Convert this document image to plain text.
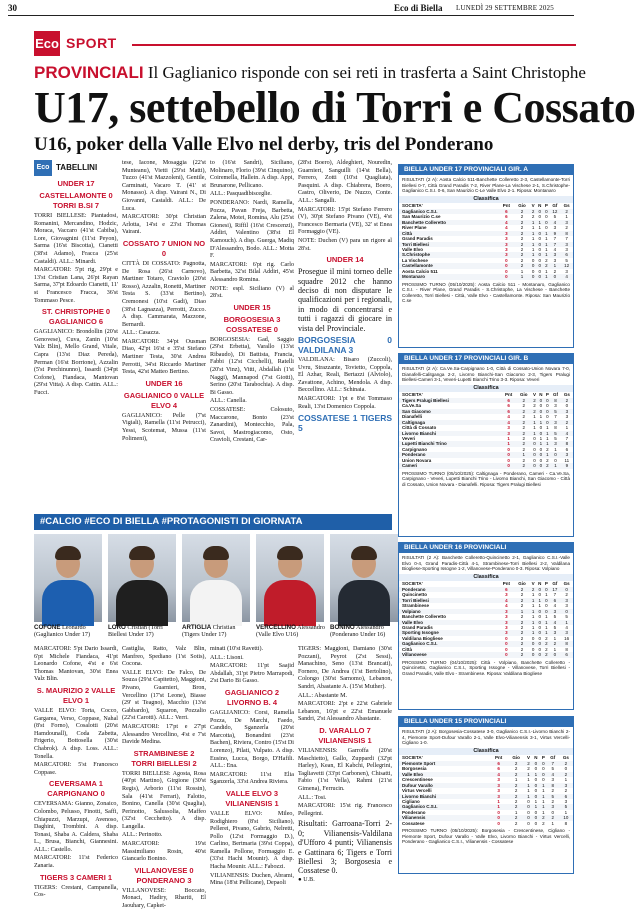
30	Eco di Biella LUNEDÌ 29 SETTEMBRE 2025
Eco SPORT
PROVINCIALI Il Gaglianico risponde con sei reti in trasferta a Saint Christophe
U17, settebello di Torri e Cossato
U16, poker della Valle Elvo nel derby, tris del Ponderano
Eco TABELLINI
UNDER 17
CASTELLAMONTE 0 TORRI B.SI 7

TORRI BIELLESE: Piantadosi, Romanini, Mercandino, Hodzic, Moraca, Vaccaro (41'st Cabiba), Lore, Giovagnini (11'st Peyon), Sarma (16'st Biscotta), Cianetti (38'st Adamo), Fracca (25'st Castaldi). ALL.: Minardi.

MARCATORI: 5'pt rig, 29'pt e 13'st Cristian Lana, 26'pt Rayan Sarma, 37'pt Edoardo Cianetti, 11' st Francesco Fracca, 36'st Tommaso Pesce.

ST. CHRISTOPHE 0 GAGLIANICO 6

GAGLIANICO: Brondollin (20'st Genovese), Cuva, Zanin (10'st Valz Blin), Mello Grand, Vitale, Capra (13'st Diaz Pereda), Perman (16'st Borrione), Azzalin (5'st Perchinunno), Issardi (34'pt Cofone), Fiandaca, Mantovan (29'st Vitta). A disp. Cattin. ALL.: Fucci.

tese, Iacone, Mosaggia (22'st Munteanu), Vietti (29'st Matti), Tuzzo (41'st Mazzoleni), Gentile, Carminati, Vacaro T. (41' st Monasso). A disp. Vairani N., Di Giovanni, Castaldi. ALL.: De Luca.

MARCATORI: 30'pt Christian Arlotta, 14'st e 23'st Thomas Vairani.

COSSATO 7 UNION NO 0

CITTÀ DI COSSATO: Pagnotta, De Rosa (26'st Carnovo), Martiner Totaro, Craviolo (20'st Rosso), Azzalin, Ronetti, Martiner Testa S. (33'st Bertino), Cremonesi (10'st Gadi), Diao (38'st Lagnazza), Perrotti, Zucco. A disp. Cammarata, Mazzone, Bernardi.

ALL.: Casazza.

MARCATORI: 34'pt Ousman Diao, 42'pt 16'st e 35'st Stefano Martiner Testa, 30'st Andrea Perrotti, 34'st Riccardo Martiner Testa, 42'st Matteo Bertino.

UNDER 16
GAGLIANICO 0 VALLE ELVO 4

GAGLIANICO: Pelle (7'st Vigiali), Ramella (11'st Petrucci), Yessi, Scotemat, Mussa (11'st Polimeni),

to (16'st Sandri), Siciliano, Molinaro, Florio (39'st Cinquino), Coiremella, Hallein. A disp. Appi, Brunarone, Pellicano.

ALL.: Pasquadibisceglie.

PONDERANO: Nardi, Ramella, Pozza, Pavan Freja, Barbetta, Zalena, Motei, Romina, Alu (25'st Gionesi), Riffil (16'st Crescenzi), Addiri, Valentino (38'st El Kamouch). A disp. Guerga, Madiq D'Alessandro, Bodo. ALL.: Motta F.

MARCATORI: 6'pt rig. Carlo Barbetta, 32'st Bilal Addiri, 45'st Alessandro Romina.

NOTE: espl. Siciliano (V) al 28'st.

UNDER 15
BORGOSESIA 3 COSSATESE 0

BORGOSESIA: Gad, Saggio (29'st Erbetta), Varallo (13'st Ribaudo), Di Battista, Francia, Fabbi (12'st Cicchelli), Ratelli (20'st Vinz), Vitti, Abdallah (1'st Naggi), Mannapod (7'st Giotti), Serino (20'st Tarabochia). A disp. Bi Gasso.

ALL.: Canella.

COSSATESE: Colosuto, Maccarone, Bonto (23'st Zanardini), Montecchio, Pala, Savoi, Mastrogiacomo, Osto, Cravioli, Crestani, Car-

(28'st Boero), Aldeghieri, Nouredin, Guarnieri, Sanguilli (14'st Bella), Ferrero, Zotti (10'st Quagliata), Pasquini. A disp. Chiabrera, Boero, Castro, Oliverio, De Nuzzo, Conte. ALL.: Sangalli.

MARCATORI: 15'pt Stefano Ferrero (V), 30'pt Stefano Pivano (VE), 4'st Francesco Bermaria (VE), 32' st Enea Formaggio (VE).

NOTE: Duchen (V) para un rigore al 28'st.

UNDER 14

Prosegue il mini torneo delle squadre 2012 che hanno deciso di non disputare le qualificazioni per i regionali, in modo di concentrarsi e tutti i ragazzi di giocare in vista del Provinciale.

BORGOSESIA 0 VALDILANA 3

VALDILANA: Bisaro (Zuccoli), Uvru, Strazzante, Tovietto, Coppola, El Azhar, Reali, Bertazzi (Alviolo), Zavattone, Achino, Mendola. A disp. Beccellino. ALL.: Schinaia.

MARCATORI: 1'pt e 8'st Tommaso Reali, 13'st Domenico Coppola.

COSSATESE 1 TIGERS 5
#CALCIO #ECO DI BIELLA #PROTAGONISTI DI GIORNATA
COFONE Leonardo (Gaglianico Under 17)
LORO Cristian (Torri Biellesi Under 17)
ARTIGLIA Christian (Tigers Under 17)
VERCELLINO Alessandro (Valle Elvo U16)
BONINO Alessandro (Ponderano Under 16)

MARCATORI: 5'pt Dario Issardi, 6'pt Michele Fiandaca, 41'pt Leonardo Cofone, 4'st e 6'st Thomas Mantovan, 30'st Enea Valz Blin.

S. MAURIZIO 2 VALLE ELVO 1

VALLE ELVO: Torta, Cocco, Gargarea, Verso, Coppase, Nahal (8'st Forno), Cosalotti (20'st Hamdounall), Coda Zabetta, Frigerio, Bottosella (30'st Chabrok). A disp. Loss. ALL.: Tonella.

MARCATORI: 5'st Francesco Coppase.

CEVERSAMA 1 CARPIGNANO 0

CEVERSAMA: Gianno, Zonaico, Colombo, Pelusso, Finotti, Saffi, Chiapuzzi, Marzupi, Avenoso, Daghini, Trombini. A disp. Tonasi, Shaba A. Caldera, Shaba L., Brusa, Bianchi, Giannesini. ALL.: Castello.

MARCATORI: 11'st Federico Zanaria.

TIGERS 3 CAMERI 1

TIGERS: Crestani, Campanella, Cos-

Castiglia, Ratto, Valz Blin, Manfreo, Spediano (1'st Sotis), Cocona.

VALLE ELVO: De Falco, De Souza (29'st Capitetto), Maggioni, Pivano, Guarnieri, Bron, Vercellino (17'st Leone), Biasse (29' st Teagno), Macchio (13'st Gabbardo), Squaron, Pozzalio (22'st Carotti). ALL.: Verri.

MARCATORI: 17'pt e 27'pt Alessandro Vercellino, 4'st e 7'st Davide Medina.

STRAMBINESE 2 TORRI BIELLESI 2

TORRI BIELLESI: Agosta, Rosa (40'pt Martino), Girgione (30'st Regis), Arborio (11'st Rossin), Sala (41'st Ferrari), Falotto, Bonino, Canella (30'st Quaglia), Perinotto, Salussolia, Maffeo (32'st Cecchetto). A disp. Langella.

ALL.: Perinotto.

MARCATORI: 19'st Massimiliano Rosin, 40'st Giancarlo Bonino.

VILLANOVESE 0 PONDERANO 3

VILLANOVESE: Boccato, Monaci, Hadiry, Rhariti, El Jaouhary, Capket-

minati (10'st Ravetti).

ALL.: Lisoni.

MARCATORI: 11'pt Saajid Abdallah, 31'pt Pietro Marrapodi, 2'st Dario Bi Gasso.

GAGLIANICO 2 LIVORNO B. 4

GAGLIANICO: Corsi, Ramella Pozza, De Marchi, Faedo, Candido, Sganzerla (20'st Marcotta), Bonandini (23'st Bachen), Riviera, Contro (15'st Di Lorenzo), Pilati, Vulpato. A disp. Eusino, Lucca, Borgo, D'Hafili. ALL.: Ena.

MARCATORI: 11'st Elia Sganzerla, 33'st Andrea Riviera.

VALLE ELVO 3 VILIANENSIS 1

VALLE ELVO: Mileo, Rodighiero (8'st Siciliano), Pellerei, Pivano, Gabrio, Nelretti, Pollo (12'st Formaggio D.), Carlino, Bertmaria (39'st Coppa), Ramella Pollone, Formaggio E. (33'st Hachi Mounir). A disp. Hacha Mounir. ALL.: Fabozzi.

VILIANENSIS: Duchen, Abrami, Mina (18'st Pellicane), Depaoli

TIGERS: Maggioni, Damiano (30'st Pozzani), Peyrot (2'st Sessi), Manachino, Seno (13'st Brancati), Fornero, De Andrea (1'st Bertolino), Colongo (30'st Sarnomo), Lebanon, Sandri, Abastante A. (15'st Muther).

ALL.: Abastante M.

MARCATORI: 2'pt e 22'st Gabriele Lebanon, 16'pt e 22'st Emanuele Sandri, 2'st Alessandro Abastante.

D. VARALLO 7 VILIANENSIS 1

VILIANENSIS: Garroffa (20'st Maschietto), Gallo, Zuppardi (32'pt Harley), Kean, El Kabchi, Pellegrini, Tagliavetti (33'pt Carbonen), Chisatti, Fabio (1'st Vella), Rahmi (21'st Gimena), Ferrucin.

ALL.: Tosi.

MARCATORI: 15'st rig. Francesco Pellegrini.

Risultati: Garroana-Torri 2-0; Vilianensis-Valdilana d'Ufforo 4 punti; Vilianensis e Gattinara 6; Tigers e Torri Biellesi 3; Borgosesia e Cossatese 0.

● U.B.

BIELLA UNDER 17 PROVINCIALI GIR. A
RISULTATI (2 A): Aosta Calcio 511-Banchette Colleretto 2-3, Castellamonte-Torri Biellesi 0-7, Città Grand Paradis 7-2, River Plane-La Vischese 2-1, S.Christophe-Gaglianico C.S.I. 0-6, San Maurizio C-Le Valle Elvo 2-1. Riposa: Montanaro
Classifica
SOCIETA'	Pnt	Gio	V	N	P	Gf	Gs
Gaglianico C.S.I.	6	2	2	0	0	12	2
San Maurizio C.se	6	2	2	0	0	5	1
Banchette Colleretto	4	2	1	1	0	4	3
River Plane	4	2	1	1	0	3	2
Città	3	2	1	0	1	9	8
Grand Paradis	3	2	1	0	1	7	7
Torri Biellesi	3	2	1	0	1	7	3
Valle Elvo	3	2	1	0	1	4	3
S.Christophe	3	2	1	0	1	3	6
La Vischese	0	2	0	0	2	3	5
Castellamonte	0	2	0	0	2	1	12
Aosta Calcio 511	0	1	0	0	1	2	3
Montanaro	0	1	0	0	1	0	4
PROSSIMO TURNO (05/10/2025): Aosta Calcio 511 - Montanaro, Gaglianico C.S.I. - River Plane, Grand Paradis - S.Christophe, La Vischese - Banchette Colleretto, Torri Biellesi - Città, Valle Elvo - Castellamonte. Riposa: San Maurizio C.se
BIELLA UNDER 17 PROVINCIALI GIR. B
RISULTATI (2 A): Ca.Ve.Sa-Carpignano 1-0, Città di Cossato-Union Novara 7-0, Dianafelli-Calitganga 2-2, Livorno Bianchi-San Giacomo 2-3, Tigers Pralugi Biellesi-Cameri 3-1, Veveri-Lupetti Bianchi Trino 3-3. Riposa: Veveri
Classifica
SOCIETA'	Pnt	Gio	V	N	P	Gf	Gs
Tigers Pralugi Biellesi	6	2	2	0	0	8	2
Ca.Ve.Sa	6	2	2	0	0	3	0
San Giacomo	6	2	2	0	0	5	3
Dianafelli	4	2	1	1	0	7	3
Caltignaga	4	2	1	1	0	3	2
Città di Cossato	3	2	1	0	1	8	1
Livorno Bianchi	3	2	1	0	1	5	4
Veveri	1	2	0	1	1	5	7
Lupetti Bianchi Trino	1	2	0	1	1	3	8
Carpignano	0	2	0	0	2	1	6
Ponderano	0	1	0	0	1	0	3
Union Novara	0	2	0	0	2	0	11
Cameri	0	2	0	0	2	1	9
PROSSIMO TURNO (05/10/2025): Caltignaga - Ponderano, Cameri - Ca.Ve.Sa, Carpignano - Veveri, Lupetti Bianchi Trino - Livorno Bianchi, San Giacomo - Città di Cossato, Union Novara - Dianafelli. Riposa: Tigers Pralugi Biellesi
BIELLA UNDER 16 PROVINCIALI
RISULTATI (2 A): Banchette Colleretto-Quincinetto 2-1, Gaglianico C.S.I.-Valle Elvo 0-4, Grand Paradis-Città 4-1, Strambinese-Torri Biellesi 2-2, Valdilana Biogliese-Sporting Issogne 1-2, Villanovese-Ponderano 0-3. Riposa: Volpiano
Classifica
SOCIETA'	Pnt	Gio	V	N	P	Gf	Gs
Ponderano	6	2	2	0	0	17	0
Quincinetto	3	2	1	0	1	7	2
Torri Biellesi	4	2	1	1	0	6	3
Strambinese	4	2	1	1	0	4	3
Volpiano	3	1	1	0	0	3	0
Banchette Colleretto	3	2	1	0	1	5	5
Valle Elvo	3	2	1	0	1	4	1
Grand Paradis	3	2	1	0	1	5	4
Sporting Issogne	3	2	1	0	1	3	3
Valdilana Biogliese	0	2	0	0	2	1	16
Gaglianico C.S.I.	0	2	0	0	2	2	8
Città	0	2	0	0	2	1	8
Villanovese	0	2	0	0	2	0	6
PROSSIMO TURNO (04/10/2025): Città - Volpiano, Banchette Colleretto - Quincinetto, Gaglianico C.S.I., Sporting Issogne - Villanovese, Torri Biellesi - Grand Paradis, Valle Elvo - Strambinese. Riposa: Valdilana Biogliese
BIELLA UNDER 15 PROVINCIALI
RISULTATI (2 A): Borgosesia-Cossatese 3-0, Gaglianico C.S.I.-Livorno Bianchi 2-4, Piemonte Sport-Dufour Varallo 2-1, Valle Elvo-Vilianensis 3-1, Virtus Vercelli-Cigliano 1-0.
Classifica
SOCIETA'	Pnt	Gio	V	N	P	Gf	Gs
Piemonte Sport	6	2	2	0	0	7	2
Borgosesia	6	2	2	0	0	5	0
Valle Elvo	4	2	1	1	0	4	2
Crescentinese	3	1	1	0	0	3	1
Dufour Varallo	3	2	1	0	1	8	3
Virtus Vercelli	3	2	1	0	1	2	2
Livorno Bianchi	3	2	1	0	1	5	6
Cigliano	1	2	0	1	1	2	3
Gaglianico C.S.I.	1	2	0	1	1	3	5
Ponderano	0	1	0	0	1	0	1
Vilianensis	0	2	0	0	2	2	10
Cossatese	0	2	0	0	2	1	8
PROSSIMO TURNO (05/10/2025): Borgosesia - Crescentinese, Cigliano - Piemonte Sport, Dufour Varallo - Valle Elvo, Livorno Bianchi - Virtus Vercelli, Ponderano - Gaglianico C.S.I., Vilianensis - Cossatese
